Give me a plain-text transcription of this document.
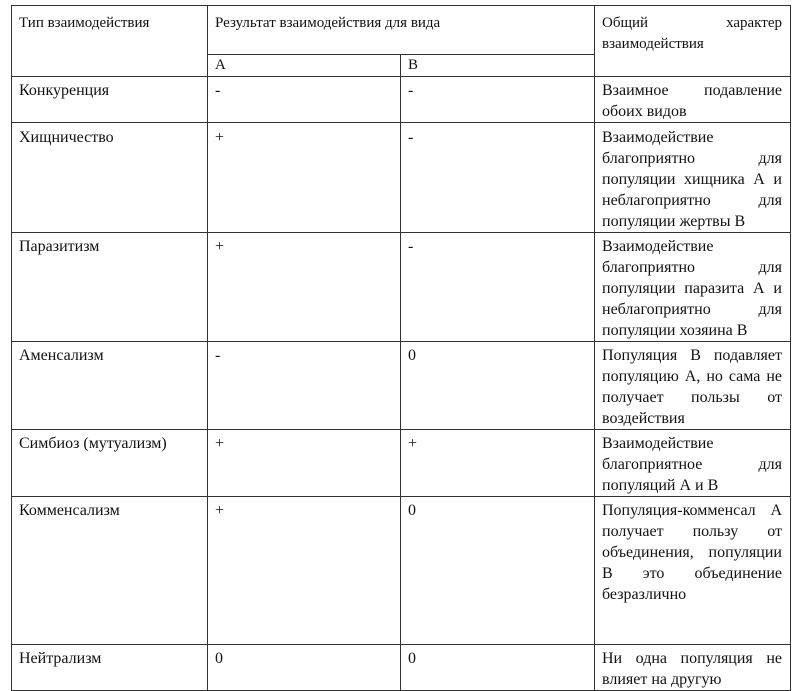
Тип взаимодействия	Результат взаимодействия для вида		Общий характер взаимодействия
	А	В	
Конкуренция	-	-	Взаимное подавление обоих видов
Хищничество	+	-	Взаимодействие благоприятно для популяции хищника А и неблагоприятно для популяции жертвы В
Паразитизм	+	-	Взаимодействие благоприятно для популяции паразита А и неблагоприятно для популяции хозяина В
Аменсализм	-	0	Популяция В подавляет популяцию А, но сама не получает пользы от воздействия
Симбиоз (мутуализм)	+	+	Взаимодействие благоприятное для популяций А и В
Комменсализм	+	0	Популяция-комменсал А получает пользу от объединения, популяции В это объединение безразлично
Нейтрализм	0	0	Ни одна популяция не влияет на другую
